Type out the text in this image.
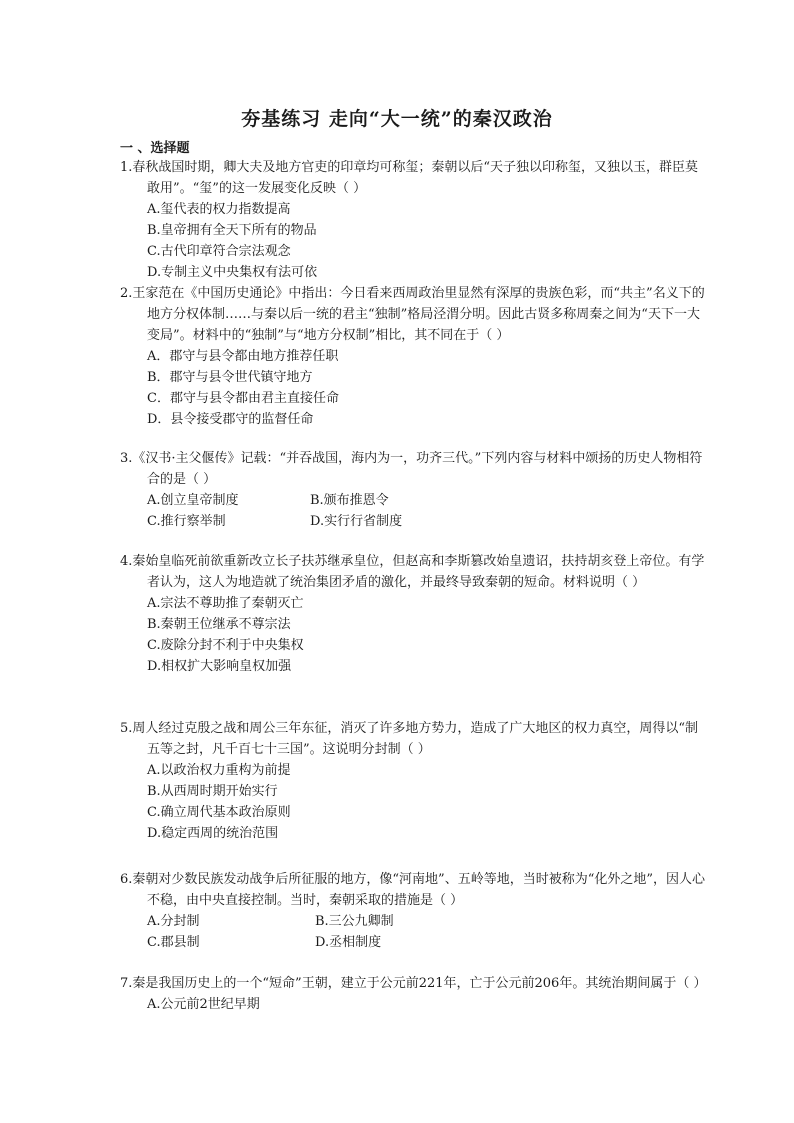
夯基练习 走向“大一统”的秦汉政治
一 、选择题
1.春秋战国时期，卿大夫及地方官吏的印章均可称玺；秦朝以后“天子独以印称玺，又独以玉，群臣莫敢用”。“玺”的这一发展变化反映（ ）
A.玺代表的权力指数提高
B.皇帝拥有全天下所有的物品
C.古代印章符合宗法观念
D.专制主义中央集权有法可依
2.王家范在《中国历史通论》中指出：今日看来西周政治里显然有深厚的贵族色彩，而“共主”名义下的地方分权体制……与秦以后一统的君主“独制”格局泾渭分明。因此古贤多称周秦之间为“天下一大变局”。材料中的“独制”与“地方分权制”相比，其不同在于（ ）
A．郡守与县令都由地方推荐任职
B．郡守与县令世代镇守地方
C．郡守与县令都由君主直接任命
D．县令接受郡守的监督任命
3.《汉书·主父偃传》记载：“并吞战国，海内为一，功齐三代。”下列内容与材料中颂扬的历史人物相符合的是（ ）
A.创立皇帝制度	B.颁布推恩令
C.推行察举制	D.实行行省制度
4.秦始皇临死前欲重新改立长子扶苏继承皇位，但赵高和李斯篡改始皇遗诏，扶持胡亥登上帝位。有学者认为，这人为地造就了统治集团矛盾的激化，并最终导致秦朝的短命。材料说明（ ）
A.宗法不尊助推了秦朝灭亡
B.秦朝王位继承不尊宗法
C.废除分封不利于中央集权
D.相权扩大影响皇权加强
5.周人经过克殷之战和周公三年东征，消灭了许多地方势力，造成了广大地区的权力真空，周得以“制五等之封，凡千百七十三国”。这说明分封制（ ）
A.以政治权力重构为前提
B.从西周时期开始实行
C.确立周代基本政治原则
D.稳定西周的统治范围
6.秦朝对少数民族发动战争后所征服的地方，像“河南地”、五岭等地，当时被称为“化外之地”，因人心不稳，由中央直接控制。当时，秦朝采取的措施是（ ）
A.分封制	B.三公九卿制
C.郡县制	D.丞相制度
7.秦是我国历史上的一个“短命”王朝，建立于公元前221年，亡于公元前206年。其统治期间属于（ ）
A.公元前2世纪早期
